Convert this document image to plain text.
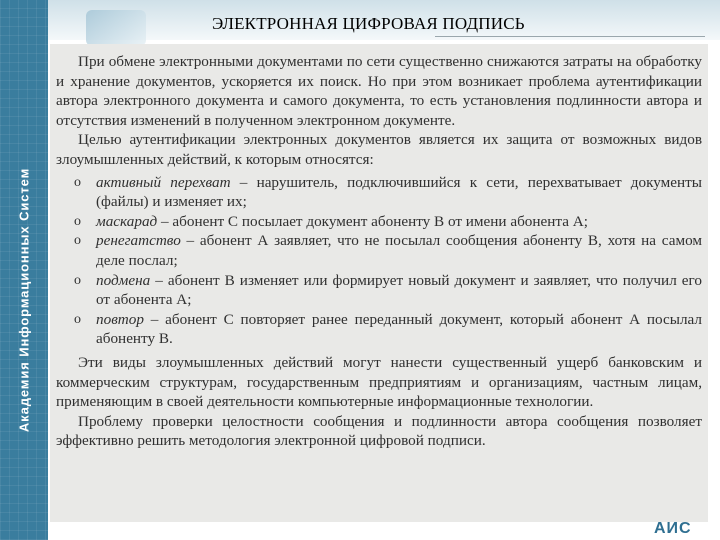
Академия Информационных Систем
ЭЛЕКТРОННАЯ ЦИФРОВАЯ ПОДПИСЬ

При обмене электронными документами по сети существенно снижаются затраты на обработку и хранение документов, ускоряется их поиск. Но при этом возникает проблема аутентификации автора электронного документа и самого документа, то есть установления подлинности автора и отсутствия изменений в полученном электронном документе.

Целью аутентификации электронных документов является их защита от возможных видов злоумышленных действий, к которым относятся:

o активный перехват – нарушитель, подключившийся к сети, перехватывает документы (файлы) и изменяет их;
o маскарад – абонент С посылает документ абоненту В от имени абонента А;
o ренегатство – абонент А заявляет, что не посылал сообщения абоненту В, хотя на самом деле послал;
o подмена – абонент В изменяет или формирует новый документ и заявляет, что получил его от абонента А;
o повтор – абонент С повторяет ранее переданный документ, который абонент А посылал абоненту В.

Эти виды злоумышленных действий могут нанести существенный ущерб банковским и коммерческим структурам, государственным предприятиям и организациям, частным лицам, применяющим в своей деятельности компьютерные информационные технологии.

Проблему проверки целостности сообщения и подлинности автора сообщения позволяет эффективно решить методология электронной цифровой подписи.

АИС
